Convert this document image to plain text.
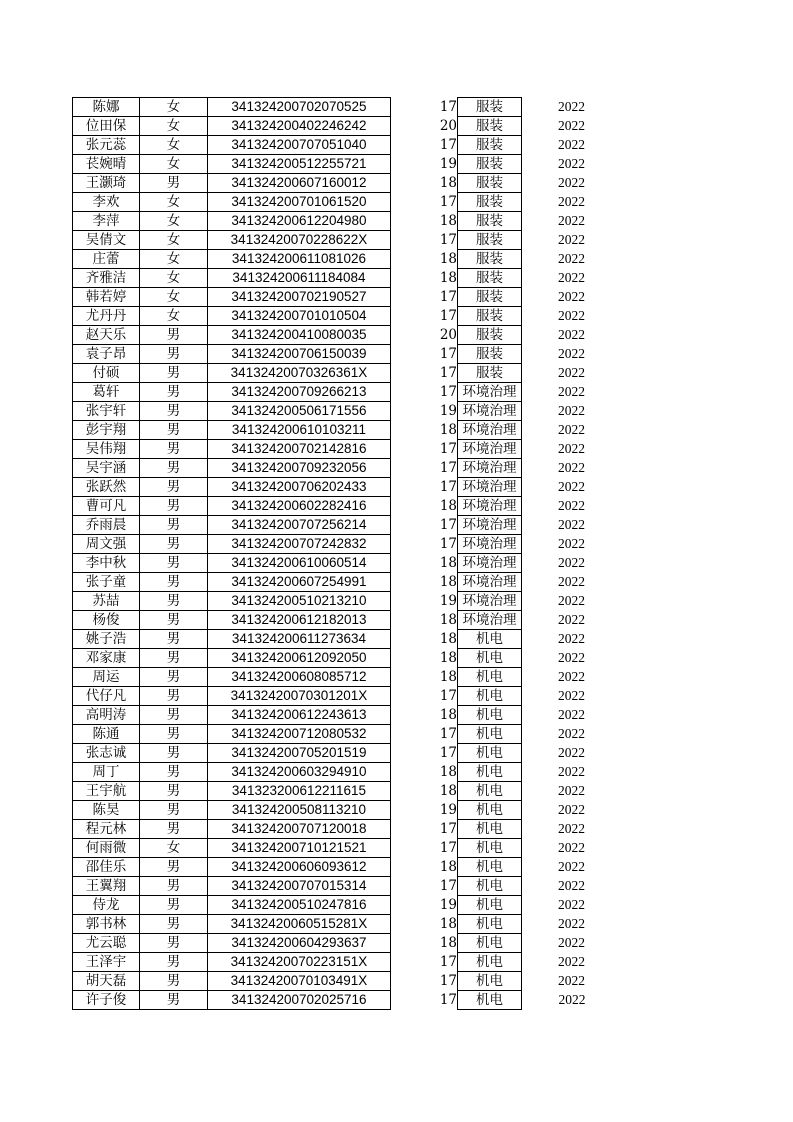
陈娜	女	341324200702070525		17	服装	2022
位田保	女	341324200402246242		20	服装	2022
张元蕊	女	341324200707051040		17	服装	2022
苌婉晴	女	341324200512255721		19	服装	2022
王灏琦	男	341324200607160012		18	服装	2022
李欢	女	341324200701061520		17	服装	2022
李萍	女	341324200612204980		18	服装	2022
吴倩文	女	34132420070228622X		17	服装	2022
庄蕾	女	341324200611081026		18	服装	2022
齐雅洁	女	341324200611184084		18	服装	2022
韩若婷	女	341324200702190527		17	服装	2022
尤丹丹	女	341324200701010504		17	服装	2022
赵天乐	男	341324200410080035		20	服装	2022
袁子昂	男	341324200706150039		17	服装	2022
付硕	男	34132420070326361X		17	服装	2022
葛轩	男	341324200709266213		17	环境治理	2022
张宇轩	男	341324200506171556		19	环境治理	2022
彭宇翔	男	341324200610103211		18	环境治理	2022
吴伟翔	男	341324200702142816		17	环境治理	2022
吴宇涵	男	341324200709232056		17	环境治理	2022
张跃然	男	341324200706202433		17	环境治理	2022
曹可凡	男	341324200602282416		18	环境治理	2022
乔雨晨	男	341324200707256214		17	环境治理	2022
周文强	男	341324200707242832		17	环境治理	2022
李中秋	男	341324200610060514		18	环境治理	2022
张子童	男	341324200607254991		18	环境治理	2022
苏喆	男	341324200510213210		19	环境治理	2022
杨俊	男	341324200612182013		18	环境治理	2022
姚子浩	男	341324200611273634		18	机电	2022
邓家康	男	341324200612092050		18	机电	2022
周运	男	341324200608085712		18	机电	2022
代仔凡	男	34132420070301201X		17	机电	2022
高明涛	男	341324200612243613		18	机电	2022
陈通	男	341324200712080532		17	机电	2022
张志诚	男	341324200705201519		17	机电	2022
周丁	男	341324200603294910		18	机电	2022
王宇航	男	341323200612211615		18	机电	2022
陈昊	男	341324200508113210		19	机电	2022
程元林	男	341324200707120018		17	机电	2022
何雨微	女	341324200710121521		17	机电	2022
邵佳乐	男	341324200606093612		18	机电	2022
王翼翔	男	341324200707015314		17	机电	2022
侍龙	男	341324200510247816		19	机电	2022
郭书林	男	34132420060515281X		18	机电	2022
尤云聪	男	341324200604293637		18	机电	2022
王泽宇	男	34132420070223151X		17	机电	2022
胡天磊	男	34132420070103491X		17	机电	2022
许子俊	男	341324200702025716		17	机电	2022
